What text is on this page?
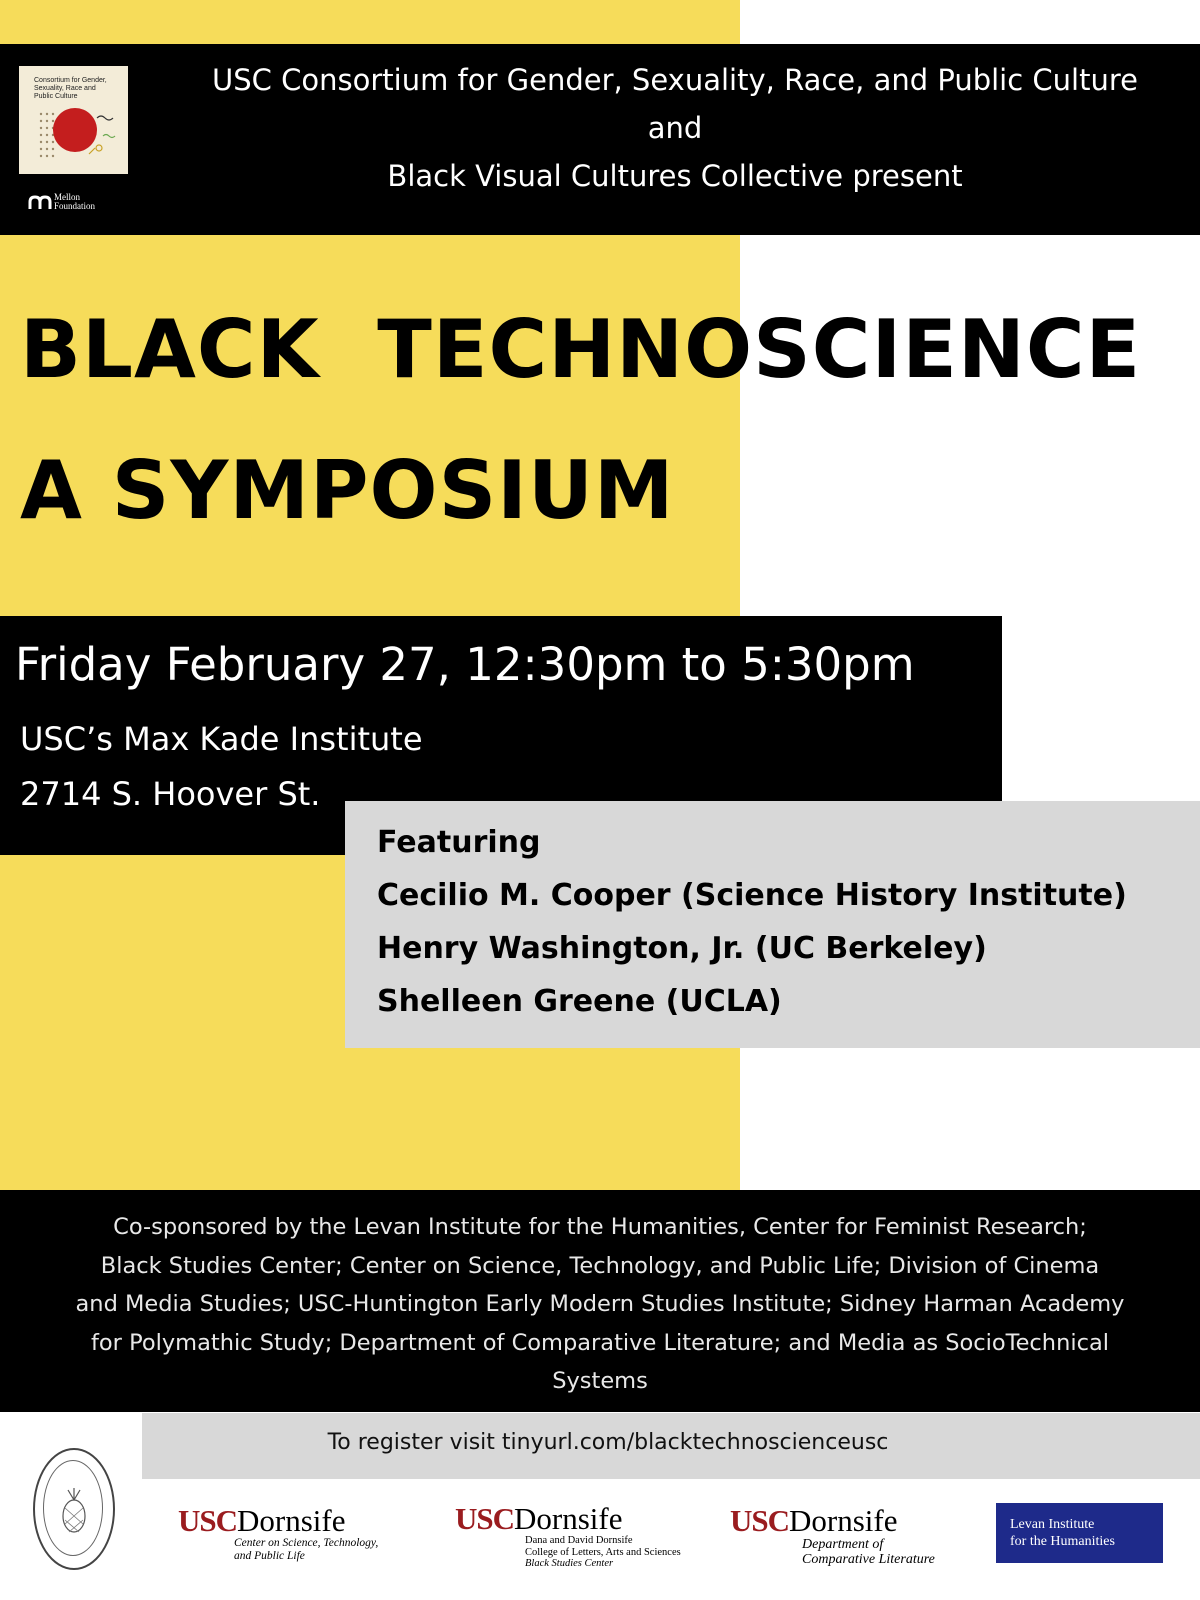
Consortium for Gender,
Sexuality, Race and
Public Culture
Mellon
Foundation
USC Consortium for Gender, Sexuality, Race, and Public Culture
and
Black Visual Cultures Collective present
BLACK  TECHNOSCIENCE
A SYMPOSIUM
Friday February 27, 12:30pm to 5:30pm
USC’s Max Kade Institute
2714 S. Hoover St.
Featuring
Cecilio M. Cooper (Science History Institute)
Henry Washington, Jr. (UC Berkeley)
Shelleen Greene (UCLA)
Co-sponsored by the Levan Institute for the Humanities, Center for Feminist Research;
Black Studies Center; Center on Science, Technology, and Public Life; Division of Cinema
and Media Studies; USC-Huntington Early Modern Studies Institute; Sidney Harman Academy
for Polymathic Study; Department of Comparative Literature; and Media as SocioTechnical
Systems
To register visit tinyurl.com/blacktechnoscienceusc
USCDornsife
Center on Science, Technology,
and Public Life
USCDornsife
Dana and David Dornsife
College of Letters, Arts and Sciences
Black Studies Center
USCDornsife
Department of
Comparative Literature
Levan Institute
for the Humanities
